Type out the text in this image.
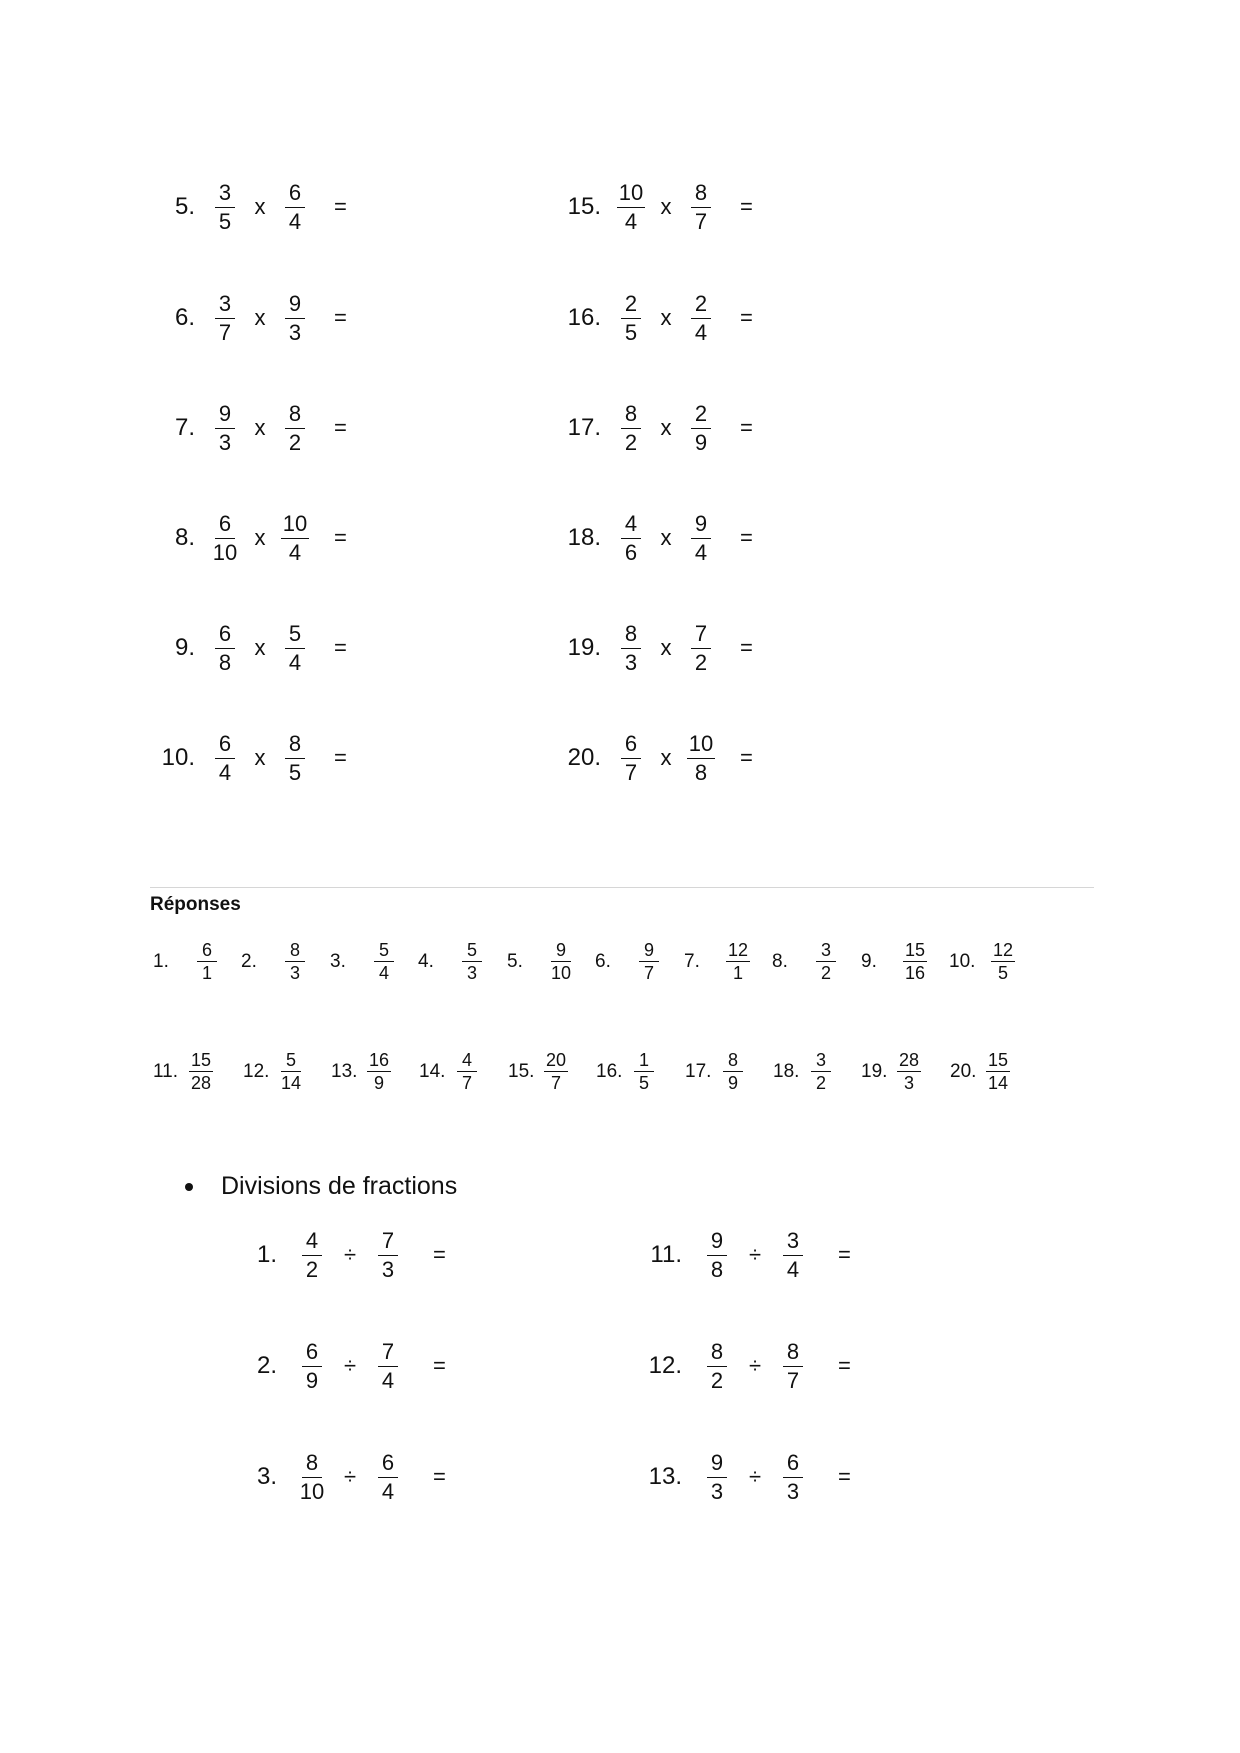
5. $\frac{3}{5}$ x $\frac{6}{4}$ =
6. $\frac{3}{7}$ x $\frac{9}{3}$ =
7. $\frac{9}{3}$ x $\frac{8}{2}$ =
8. $\frac{6}{10}$ x $\frac{10}{4}$ =
9. $\frac{6}{8}$ x $\frac{5}{4}$ =
10. $\frac{6}{4}$ x $\frac{8}{5}$ =
15. $\frac{10}{4}$ x $\frac{8}{7}$ =
16. $\frac{2}{5}$ x $\frac{2}{4}$ =
17. $\frac{8}{2}$ x $\frac{2}{9}$ =
18. $\frac{4}{6}$ x $\frac{9}{4}$ =
19. $\frac{8}{3}$ x $\frac{7}{2}$ =
20. $\frac{6}{7}$ x $\frac{10}{8}$ =
Réponses
1.	$\frac{6}{1} 2$.	$\frac{8}{3} 3$.	$\frac{5}{4} 4$.	$\frac{5}{3} 5$.	$\frac{9}{10} 6$.	$\frac{9}{7} 7$.	$\frac{12}{1} 8$.	$\frac{3}{2} 9$.	$\frac{15}{16} 10$. $\frac{12}{5}$
11. $\frac{15}{28} 12$. $\frac{5}{14} 13$. $\frac{16}{9} 14$. $\frac{4}{7} 15$. $\frac{20}{7} 16$. $\frac{1}{5} 17$. $\frac{8}{9} 18$. $\frac{3}{2} 19$. $\frac{28}{3} 20$. $\frac{15}{14}$
Divisions de fractions
1. $\frac{4}{2} \div \frac{7}{3}$ =
2. $\frac{6}{9} \div \frac{7}{4}$ =
3. $\frac{8}{10} \div \frac{6}{4}$ =
11. $\frac{9}{8} \div \frac{3}{4}$ =
12. $\frac{8}{2} \div \frac{8}{7}$ =
13. $\frac{9}{3} \div \frac{6}{3}$ =
